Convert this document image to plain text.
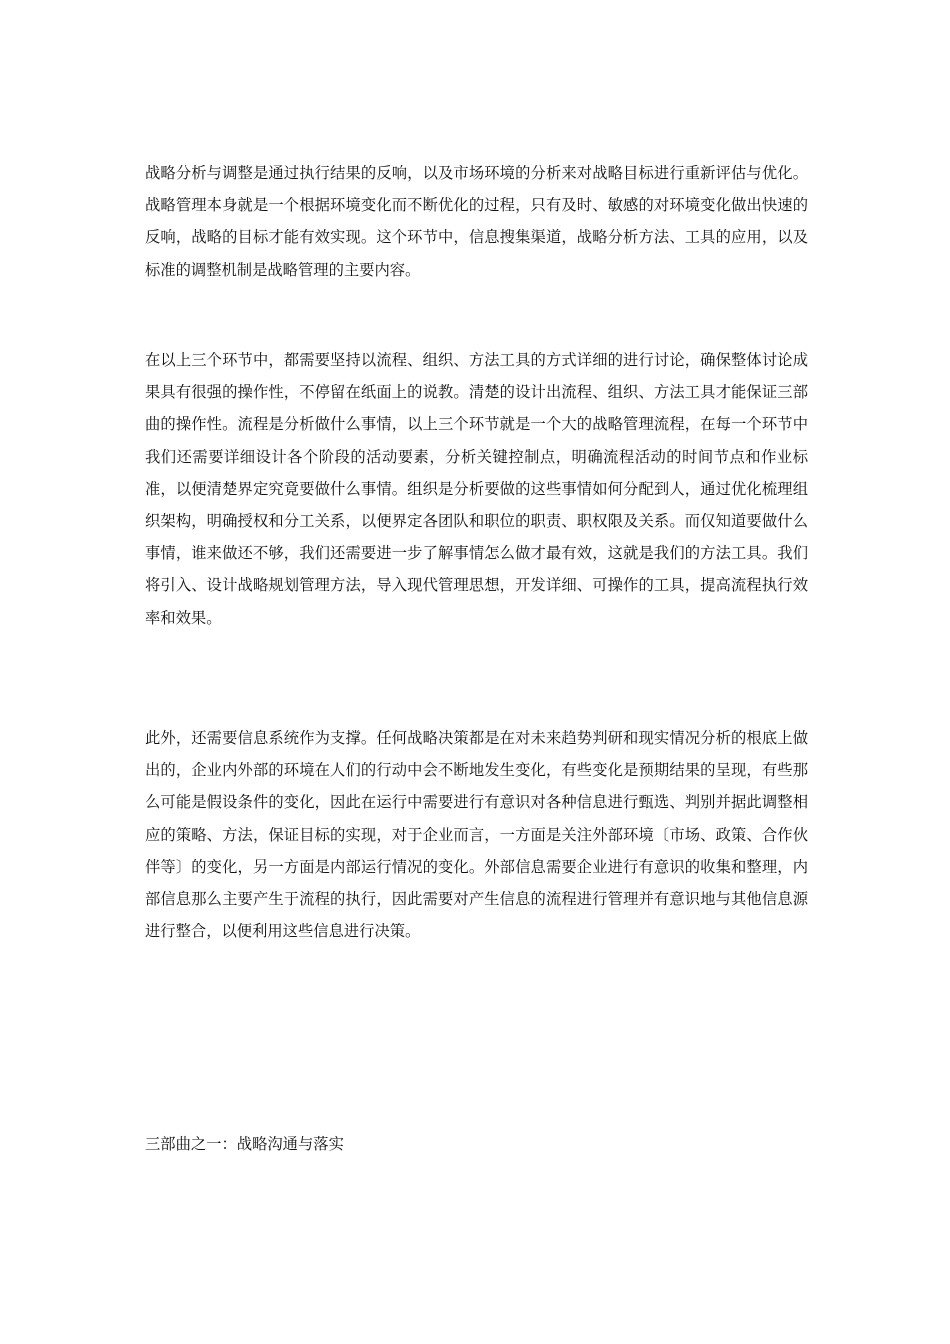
战略分析与调整是通过执行结果的反响，以及市场环境的分析来对战略目标进行重新评估与优化。战略管理本身就是一个根据环境变化而不断优化的过程，只有及时、敏感的对环境变化做出快速的反响，战略的目标才能有效实现。这个环节中，信息搜集渠道，战略分析方法、工具的应用，以及标准的调整机制是战略管理的主要内容。

在以上三个环节中，都需要坚持以流程、组织、方法工具的方式详细的进行讨论，确保整体讨论成果具有很强的操作性，不停留在纸面上的说教。清楚的设计出流程、组织、方法工具才能保证三部曲的操作性。流程是分析做什么事情，以上三个环节就是一个大的战略管理流程，在每一个环节中我们还需要详细设计各个阶段的活动要素，分析关键控制点，明确流程活动的时间节点和作业标准，以便清楚界定究竟要做什么事情。组织是分析要做的这些事情如何分配到人，通过优化梳理组织架构，明确授权和分工关系，以便界定各团队和职位的职责、职权限及关系。而仅知道要做什么事情，谁来做还不够，我们还需要进一步了解事情怎么做才最有效，这就是我们的方法工具。我们将引入、设计战略规划管理方法，导入现代管理思想，开发详细、可操作的工具，提高流程执行效率和效果。

此外，还需要信息系统作为支撑。任何战略决策都是在对未来趋势判研和现实情况分析的根底上做出的，企业内外部的环境在人们的行动中会不断地发生变化，有些变化是预期结果的呈现，有些那么可能是假设条件的变化，因此在运行中需要进行有意识对各种信息进行甄选、判别并据此调整相应的策略、方法，保证目标的实现，对于企业而言，一方面是关注外部环境〔市场、政策、合作伙伴等〕的变化，另一方面是内部运行情况的变化。外部信息需要企业进行有意识的收集和整理，内部信息那么主要产生于流程的执行，因此需要对产生信息的流程进行管理并有意识地与其他信息源进行整合，以便利用这些信息进行决策。

三部曲之一：战略沟通与落实
